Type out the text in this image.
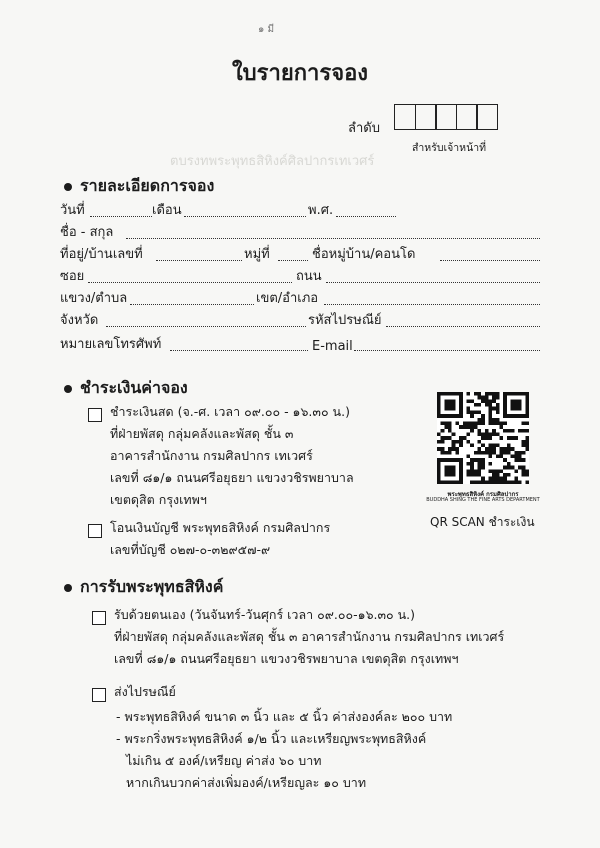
๑ มี
ใบรายการจอง
ลำดับ
สำหรับเจ้าหน้าที่
ตบรงทพระพุทธสิหิงค์ศิลปากรเทเวศร์
รายละเอียดการจอง
วันที่	เดือน	พ.ศ.
ชื่อ - สกุล
ที่อยู่/บ้านเลขที่	หมู่ที่	ชื่อหมู่บ้าน/คอนโด
ซอย	ถนน
แขวง/ตำบล	เขต/อำเภอ
จังหวัด	รหัสไปรษณีย์
หมายเลขโทรศัพท์	E-mail
ชำระเงินค่าจอง
ชำระเงินสด (จ.-ศ. เวลา ๐๙.๐๐ - ๑๖.๓๐ น.)
ที่ฝ่ายพัสดุ กลุ่มคลังและพัสดุ ชั้น ๓
อาคารสำนักงาน กรมศิลปากร เทเวศร์
เลขที่ ๘๑/๑ ถนนศรีอยุธยา แขวงวชิรพยาบาล
เขตดุสิต กรุงเทพฯ
โอนเงินบัญชี พระพุทธสิหิงค์ กรมศิลปากร
เลขที่บัญชี ๐๒๗-๐-๓๒๙๕๗-๙
พระพุทธสิหิงค์ กรมศิลปากร
BUDDHA SHING THE FINE ARTS DEPARTMENT
QR SCAN ชำระเงิน
การรับพระพุทธสิหิงค์
รับด้วยตนเอง (วันจันทร์-วันศุกร์ เวลา ๐๙.๐๐-๑๖.๓๐ น.)
ที่ฝ่ายพัสดุ กลุ่มคลังและพัสดุ ชั้น ๓ อาคารสำนักงาน กรมศิลปากร เทเวศร์
เลขที่ ๘๑/๑ ถนนศรีอยุธยา แขวงวชิรพยาบาล เขตดุสิต กรุงเทพฯ
ส่งไปรษณีย์
- พระพุทธสิหิงค์ ขนาด ๓ นิ้ว และ ๕ นิ้ว ค่าส่งองค์ละ ๒๐๐ บาท
- พระกริ่งพระพุทธสิหิงค์ ๑/๒ นิ้ว และเหรียญพระพุทธสิหิงค์
ไม่เกิน ๕ องค์/เหรียญ ค่าส่ง ๖๐ บาท
หากเกินบวกค่าส่งเพิ่มองค์/เหรียญละ ๑๐ บาท
